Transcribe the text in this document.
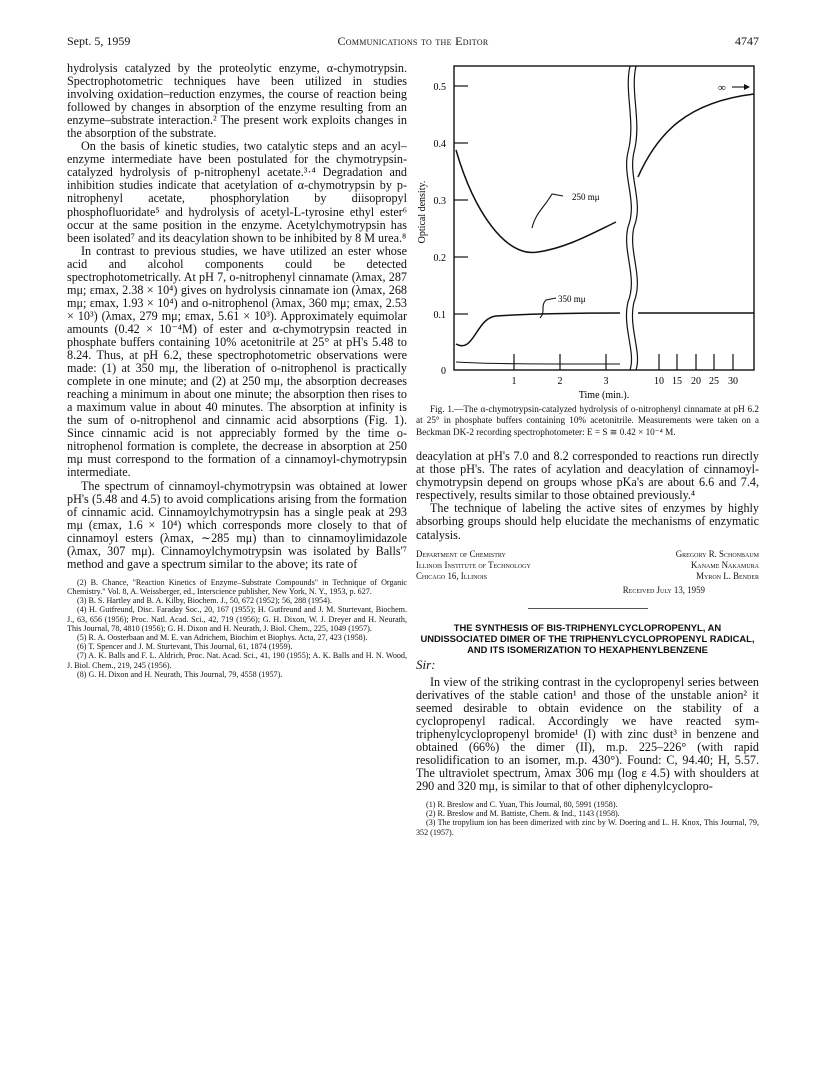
Sept. 5, 1959	Communications to the Editor	4747

hydrolysis catalyzed by the proteolytic enzyme, α-chymotrypsin. Spectrophotometric techniques have been utilized in studies involving oxidation–reduction enzymes, the course of reaction being followed by changes in absorption of the enzyme resulting from an enzyme–substrate interaction.² The present work exploits changes in the absorption of the substrate.

On the basis of kinetic studies, two catalytic steps and an acyl–enzyme intermediate have been postulated for the chymotrypsin-catalyzed hydrolysis of p-nitrophenyl acetate.³·⁴ Degradation and inhibition studies indicate that acetylation of α-chymotrypsin by p-nitrophenyl acetate, phosphorylation by diisopropyl phosphofluoridate⁵ and hydrolysis of acetyl-L-tyrosine ethyl ester⁶ occur at the same position in the enzyme. Acetylchymotrypsin has been isolated⁷ and its deacylation shown to be inhibited by 8 M urea.⁸

In contrast to previous studies, we have utilized an ester whose acid and alcohol components could be detected spectrophotometrically. At pH 7, o-nitrophenyl cinnamate (λmax, 287 mμ; εmax, 2.38 × 10⁴) gives on hydrolysis cinnamate ion (λmax, 268 mμ; εmax, 1.93 × 10⁴) and o-nitrophenol (λmax, 360 mμ; εmax, 2.53 × 10³) (λmax, 279 mμ; εmax, 5.61 × 10³). Approximately equimolar amounts (0.42 × 10⁻⁴M) of ester and α-chymotrypsin reacted in phosphate buffers containing 10% acetonitrile at 25° at pH's 5.48 to 8.24. Thus, at pH 6.2, these spectrophotometric observations were made: (1) at 350 mμ, the liberation of o-nitrophenol is practically complete in one minute; and (2) at 250 mμ, the absorption decreases reaching a minimum in about one minute; the absorption then rises to a maximum value in about 40 minutes. The absorption at infinity is the sum of o-nitrophenol and cinnamic acid absorptions (Fig. 1). Since cinnamic acid is not appreciably formed by the time o-nitrophenol formation is complete, the decrease in absorption at 250 mμ must correspond to the formation of a cinnamoyl-chymotrypsin intermediate.

The spectrum of cinnamoyl-chymotrypsin was obtained at lower pH's (5.48 and 4.5) to avoid complications arising from the formation of cinnamic acid. Cinnamoylchymotrypsin has a single peak at 293 mμ (εmax, 1.6 × 10⁴) which corresponds more closely to that of cinnamoyl esters (λmax, ∼285 mμ) than to cinnamoylimidazole (λmax, 307 mμ). Cinnamoylchymotrypsin was isolated by Balls'⁷ method and gave a spectrum similar to the above; its rate of

(2) B. Chance, "Reaction Kinetics of Enzyme–Substrate Compounds" in Technique of Organic Chemistry." Vol. 8, A. Weissberger, ed., Interscience publisher, New York, N. Y., 1953, p. 627.

(3) B. S. Hartley and B. A. Kilby, Biochem. J., 50, 672 (1952); 56, 288 (1954).

(4) H. Gutfreund, Disc. Faraday Soc., 20, 167 (1955); H. Gutfreund and J. M. Sturtevant, Biochem. J., 63, 656 (1956); Proc. Natl. Acad. Sci., 42, 719 (1956); G. H. Dixon, W. J. Dreyer and H. Neurath, This Journal, 78, 4810 (1956); G. H. Dixon and H. Neurath, J. Biol. Chem., 225, 1049 (1957).

(5) R. A. Oosterbaan and M. E. van Adrichem, Biochim et Biophys. Acta, 27, 423 (1958).

(6) T. Spencer and J. M. Sturtevant, This Journal, 61, 1874 (1959).

(7) A. K. Balls and F. L. Aldrich, Proc. Nat. Acad. Sci., 41, 190 (1955); A. K. Balls and H. N. Wood, J. Biol. Chem., 219, 245 (1956).

(8) G. H. Dixon and H. Neurath, This Journal, 79, 4558 (1957).

0.5
0.4
0.3
0.2
0.1
0
Optical density.
1	2	3	10 15 20 25 30
250 mμ
350 mμ
∞
Time (min.).

Fig. 1.—The α-chymotrypsin-catalyzed hydrolysis of o-nitrophenyl cinnamate at pH 6.2 at 25° in phosphate buffers containing 10% acetonitrile. Measurements were taken on a Beckman DK-2 recording spectrophotometer: E = S ≅ 0.42 × 10⁻⁴ M.

deacylation at pH's 7.0 and 8.2 corresponded to reactions run directly at those pH's. The rates of acylation and deacylation of cinnamoyl-chymotrypsin depend on groups whose pKa's are about 6.6 and 7.4, respectively, results similar to those obtained previously.⁴

The technique of labeling the active sites of enzymes by highly absorbing groups should help elucidate the mechanisms of enzymatic catalysis.

Department of Chemistry
Illinois Institute of Technology
Chicago 16, Illinois
Gregory R. Schonbaum
Kaname Nakamura
Myron L. Bender
Received July 13, 1959
THE SYNTHESIS OF BIS-TRIPHENYLCYCLOPROPENYL, AN UNDISSOCIATED DIMER OF THE TRIPHENYLCYCLOPROPENYL RADICAL, AND ITS ISOMERIZATION TO HEXAPHENYLBENZENE
Sir:

In view of the striking contrast in the cyclopropenyl series between derivatives of the stable cation¹ and those of the unstable anion² it seemed desirable to obtain evidence on the stability of a cyclopropenyl radical. Accordingly we have reacted sym-triphenylcyclopropenyl bromide¹ (I) with zinc dust³ in benzene and obtained (66%) the dimer (II), m.p. 225–226° (with rapid resolidification to an isomer, m.p. 430°). Found: C, 94.40; H, 5.57. The ultraviolet spectrum, λmax 306 mμ (log ε 4.5) with shoulders at 290 and 320 mμ, is similar to that of other diphenylcyclopro-

(1) R. Breslow and C. Yuan, This Journal, 80, 5991 (1958).

(2) R. Breslow and M. Battiste, Chem. & Ind., 1143 (1958).

(3) The tropylium ion has been dimerized with zinc by W. Doering and L. H. Knox, This Journal, 79, 352 (1957).
